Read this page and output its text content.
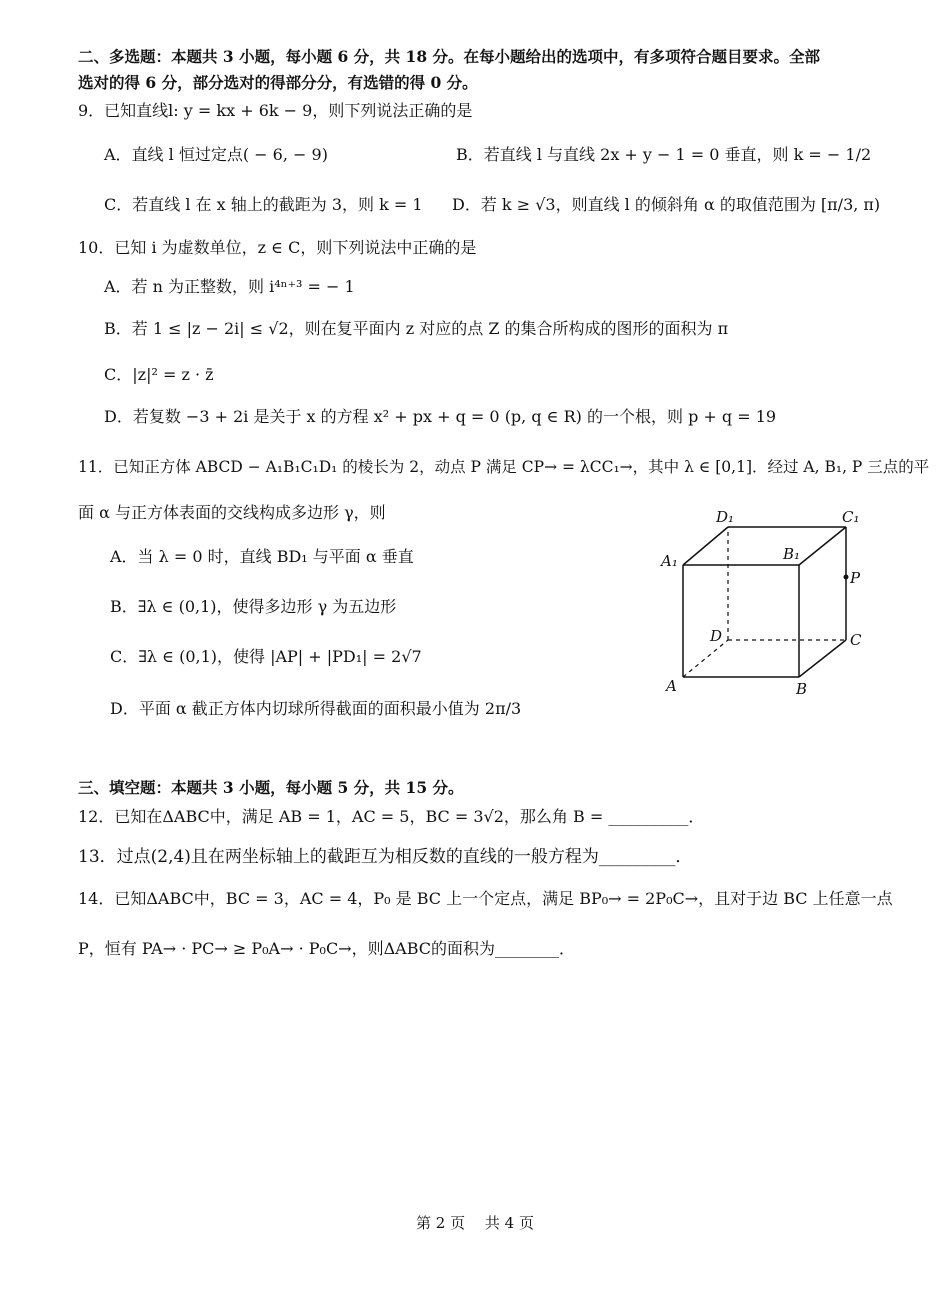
二、多选题：本题共 3 小题，每小题 6 分，共 18 分。在每小题给出的选项中，有多项符合题目要求。全部
选对的得 6 分，部分选对的得部分分，有选错的得 0 分。
9．已知直线l: y = kx + 6k − 9，则下列说法正确的是
A．直线 l 恒过定点( − 6, − 9)	B．若直线 l 与直线 2x + y − 1 = 0 垂直，则 k = − 1/2
C．若直线 l 在 x 轴上的截距为 3，则 k = 1 D．若 k ≥ √3，则直线 l 的倾斜角 α 的取值范围为 [π/3, π)
10．已知 i 为虚数单位，z ∈ C，则下列说法中正确的是
A．若 n 为正整数，则 i⁴ⁿ⁺³ = − 1
B．若 1 ≤ |z − 2i| ≤ √2，则在复平面内 z 对应的点 Z 的集合所构成的图形的面积为 π
C．|z|² = z · z̄
D．若复数 −3 + 2i 是关于 x 的方程 x² + px + q = 0 (p, q ∈ R) 的一个根，则 p + q = 19
11．已知正方体 ABCD − A₁B₁C₁D₁ 的棱长为 2，动点 P 满足 CP→ = λCC₁→，其中 λ ∈ [0,1]．经过 A, B₁, P 三点的平
面 α 与正方体表面的交线构成多边形 γ，则
A．当 λ = 0 时，直线 BD₁ 与平面 α 垂直
B．∃λ ∈ (0,1)，使得多边形 γ 为五边形
C．∃λ ∈ (0,1)，使得 |AP| + |PD₁| = 2√7
D．平面 α 截正方体内切球所得截面的面积最小值为 2π/3
D₁	C₁
A₁	B₁
P
D	C
A	B
三、填空题：本题共 3 小题，每小题 5 分，共 15 分。
12．已知在ΔABC中，满足 AB = 1，AC = 5，BC = 3√2，那么角 B = __________．
13．过点(2,4)且在两坐标轴上的截距互为相反数的直线的一般方程为_________．
14．已知ΔABC中，BC = 3，AC = 4，P₀ 是 BC 上一个定点，满足 BP₀→ = 2P₀C→，且对于边 BC 上任意一点
P，恒有 PA→ · PC→ ≥ P₀A→ · P₀C→，则ΔABC的面积为________．
第 2 页　 共 4 页
